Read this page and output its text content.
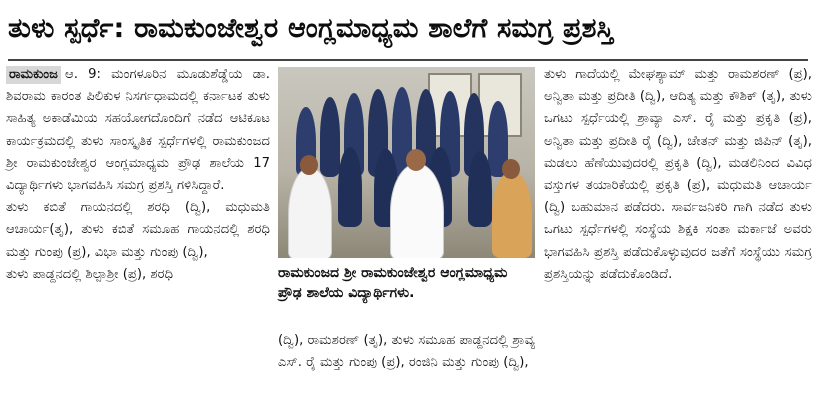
ತುಳು ಸ್ಪರ್ಧೆ: ರಾಮಕುಂಜೇಶ್ವರ ಆಂಗ್ಲಮಾಧ್ಯಮ ಶಾಲೆಗೆ ಸಮಗ್ರ ಪ್ರಶಸ್ತಿ

ರಾಮಕುಂಜ ಆ. 9: ಮಂಗಳೂರಿನ ಮೂಡುಶೆಡ್ಡೆಯ ಡಾ. ಶಿವರಾಮ ಕಾರಂತ ಪಿಲಿಕುಳ ನಿಸರ್ಗಧಾಮದಲ್ಲಿ ಕರ್ನಾಟಕ ತುಳು ಸಾಹಿತ್ಯ ಅಕಾಡೆಮಿಯ ಸಹಯೋಗದೊಂದಿಗೆ ನಡೆದ ಆಟಿಕೂಟ ಕಾರ್ಯಕ್ರಮದಲ್ಲಿ ತುಳು ಸಾಂಸ್ಕೃತಿಕ ಸ್ಪರ್ಧೆಗಳಲ್ಲಿ ರಾಮಕುಂಜದ ಶ್ರೀ ರಾಮಕುಂಜೇಶ್ವರ ಆಂಗ್ಲಮಾಧ್ಯಮ ಪ್ರೌಢ ಶಾಲೆಯ 17 ವಿದ್ಯಾರ್ಥಿಗಳು ಭಾಗವಹಿಸಿ ಸಮಗ್ರ ಪ್ರಶಸ್ತಿ ಗಳಿಸಿದ್ದಾರೆ.

ತುಳು ಕಬಿತೆ ಗಾಯನದಲ್ಲಿ ಶರಧಿ (ದ್ವಿ), ಮಧುಮತಿ ಆಚಾರ್ಯ(ತೃ), ತುಳು ಕಬಿತೆ ಸಮೂಹ ಗಾಯನದಲ್ಲಿ ಶರಧಿ ಮತ್ತು ಗುಂಪು (ಪ್ರ), ವಿಭಾ ಮತ್ತು ಗುಂಪು (ದ್ವಿ),

ತುಳು ಪಾಡ್ದನದಲ್ಲಿ ಶಿಲ್ಪಾಶ್ರೀ (ಪ್ರ), ಶರಧಿ	ರಾಮಕುಂಜದ ಶ್ರೀ ರಾಮಕುಂಜೇಶ್ವರ ಆಂಗ್ಲಮಾಧ್ಯಮ ಪ್ರೌಢ ಶಾಲೆಯ ವಿದ್ಯಾರ್ಥಿಗಳು.

(ದ್ವಿ), ರಾಮಶರಣ್ (ತೃ), ತುಳು ಸಮೂಹ ಪಾಡ್ದನದಲ್ಲಿ ಶ್ರಾವ್ಯ ಎಸ್. ರೈ ಮತ್ತು ಗುಂಪು (ಪ್ರ), ರಂಜಿನಿ ಮತ್ತು ಗುಂಪು (ದ್ವಿ),

ತುಳು ಗಾದೆಯಲ್ಲಿ ಮೇಘಶ್ಯಾಮ್ ಮತ್ತು ರಾಮಶರಣ್ (ಪ್ರ), ಅನ್ವಿತಾ ಮತ್ತು ಪ್ರದೀತಿ (ದ್ವಿ), ಆದಿತ್ಯ ಮತ್ತು ಕೌಶಿಕ್ (ತೃ), ತುಳು ಒಗಟು ಸ್ಪರ್ಧೆಯಲ್ಲಿ ಶ್ರಾವ್ಯಾ ಎಸ್. ರೈ ಮತ್ತು ಪ್ರಕೃತಿ (ಪ್ರ), ಅನ್ವಿತಾ ಮತ್ತು ಪ್ರದೀತಿ ರೈ (ದ್ವಿ), ಚೇತನ್ ಮತ್ತು ಜಿಪಿನ್ (ತೃ), ಮಡಲು ಹೆಣೆಯುವುದರಲ್ಲಿ ಪ್ರಕೃತಿ (ದ್ವಿ), ಮಡಲಿನಿಂದ ವಿವಿಧ ವಸ್ತುಗಳ ತಯಾರಿಕೆಯಲ್ಲಿ ಪ್ರಕೃತಿ (ಪ್ರ), ಮಧುಮತಿ ಆಚಾರ್ಯ (ದ್ವಿ) ಬಹುಮಾನ ಪಡೆದರು. ಸಾರ್ವಜನಿಕರಿ ಗಾಗಿ ನಡೆದ ತುಳು ಒಗಟು ಸ್ಪರ್ಧೆಗಳಲ್ಲಿ ಸಂಸ್ಥೆಯ ಶಿಕ್ಷಕಿ ಸಂತಾ ಮರ್ಕಾಜೆ ಅವರು ಭಾಗವಹಿಸಿ ಪ್ರಶಸ್ತಿ ಪಡೆದುಕೊಳ್ಳುವುದರ ಜತೆಗೆ ಸಂಸ್ಥೆಯು ಸಮಗ್ರ ಪ್ರಶಸ್ತಿಯನ್ನು ಪಡೆದುಕೊಂಡಿದೆ.
